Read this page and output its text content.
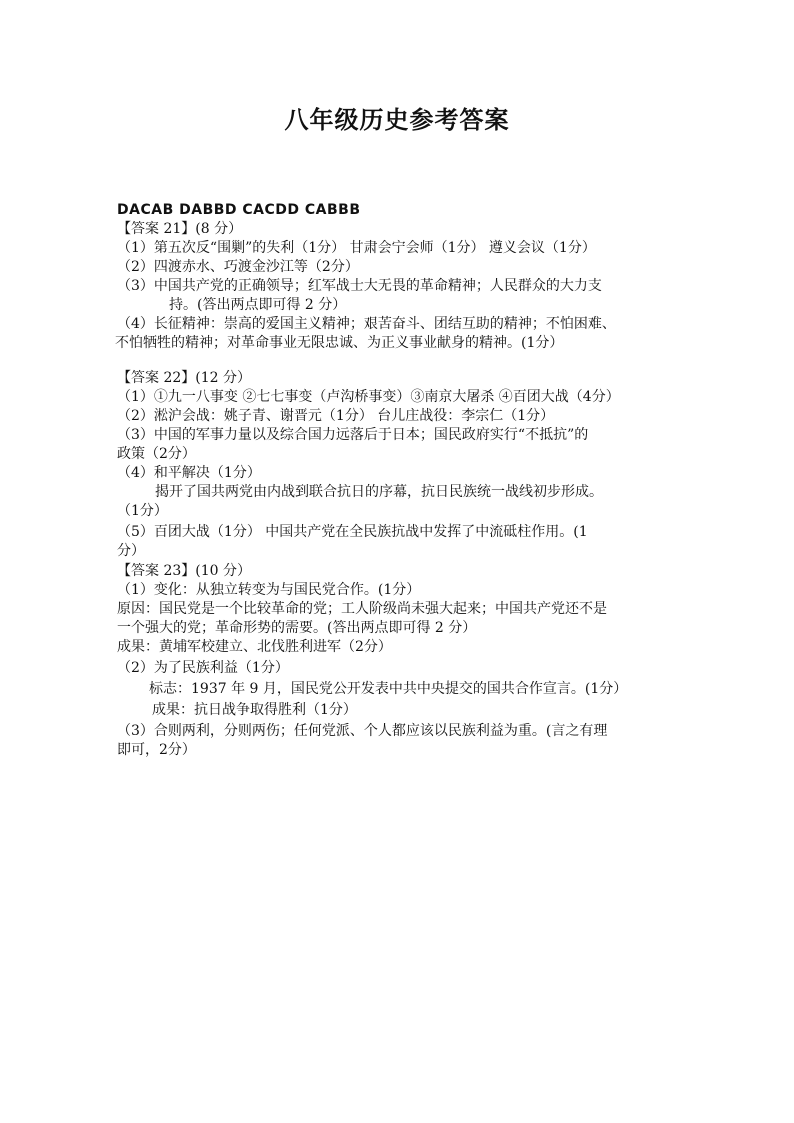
八年级历史参考答案
DACAB DABBD CACDD CABBB
【答案 21】(8 分）
（1）第五次反“围剿”的失利（1分） 甘肃会宁会师（1分） 遵义会议（1分）
（2）四渡赤水、巧渡金沙江等（2分）
（3）中国共产党的正确领导；红军战士大无畏的革命精神；人民群众的大力支
持。(答出两点即可得 2 分）
（4）长征精神：崇高的爱国主义精神；艰苦奋斗、团结互助的精神；不怕困难、
不怕牺牲的精神；对革命事业无限忠诚、为正义事业献身的精神。(1分）
【答案 22】(12 分）
（1）①九一八事变 ②七七事变（卢沟桥事变）③南京大屠杀 ④百团大战（4分）
（2）淞沪会战：姚子青、谢晋元（1分） 台儿庄战役：李宗仁（1分）
（3）中国的军事力量以及综合国力远落后于日本；国民政府实行“不抵抗”的
政策（2分）
（4）和平解决（1分）
揭开了国共两党由内战到联合抗日的序幕，抗日民族统一战线初步形成。
（1分）
（5）百团大战（1分） 中国共产党在全民族抗战中发挥了中流砥柱作用。(1
分）
【答案 23】(10 分）
（1）变化：从独立转变为与国民党合作。(1分）
原因：国民党是一个比较革命的党；工人阶级尚未强大起来；中国共产党还不是
一个强大的党；革命形势的需要。(答出两点即可得 2 分）
成果：黄埔军校建立、北伐胜利进军（2分）
（2）为了民族利益（1分）
标志：1937 年 9 月，国民党公开发表中共中央提交的国共合作宣言。(1分）
成果：抗日战争取得胜利（1分）
（3）合则两利，分则两伤；任何党派、个人都应该以民族利益为重。(言之有理
即可，2分）
